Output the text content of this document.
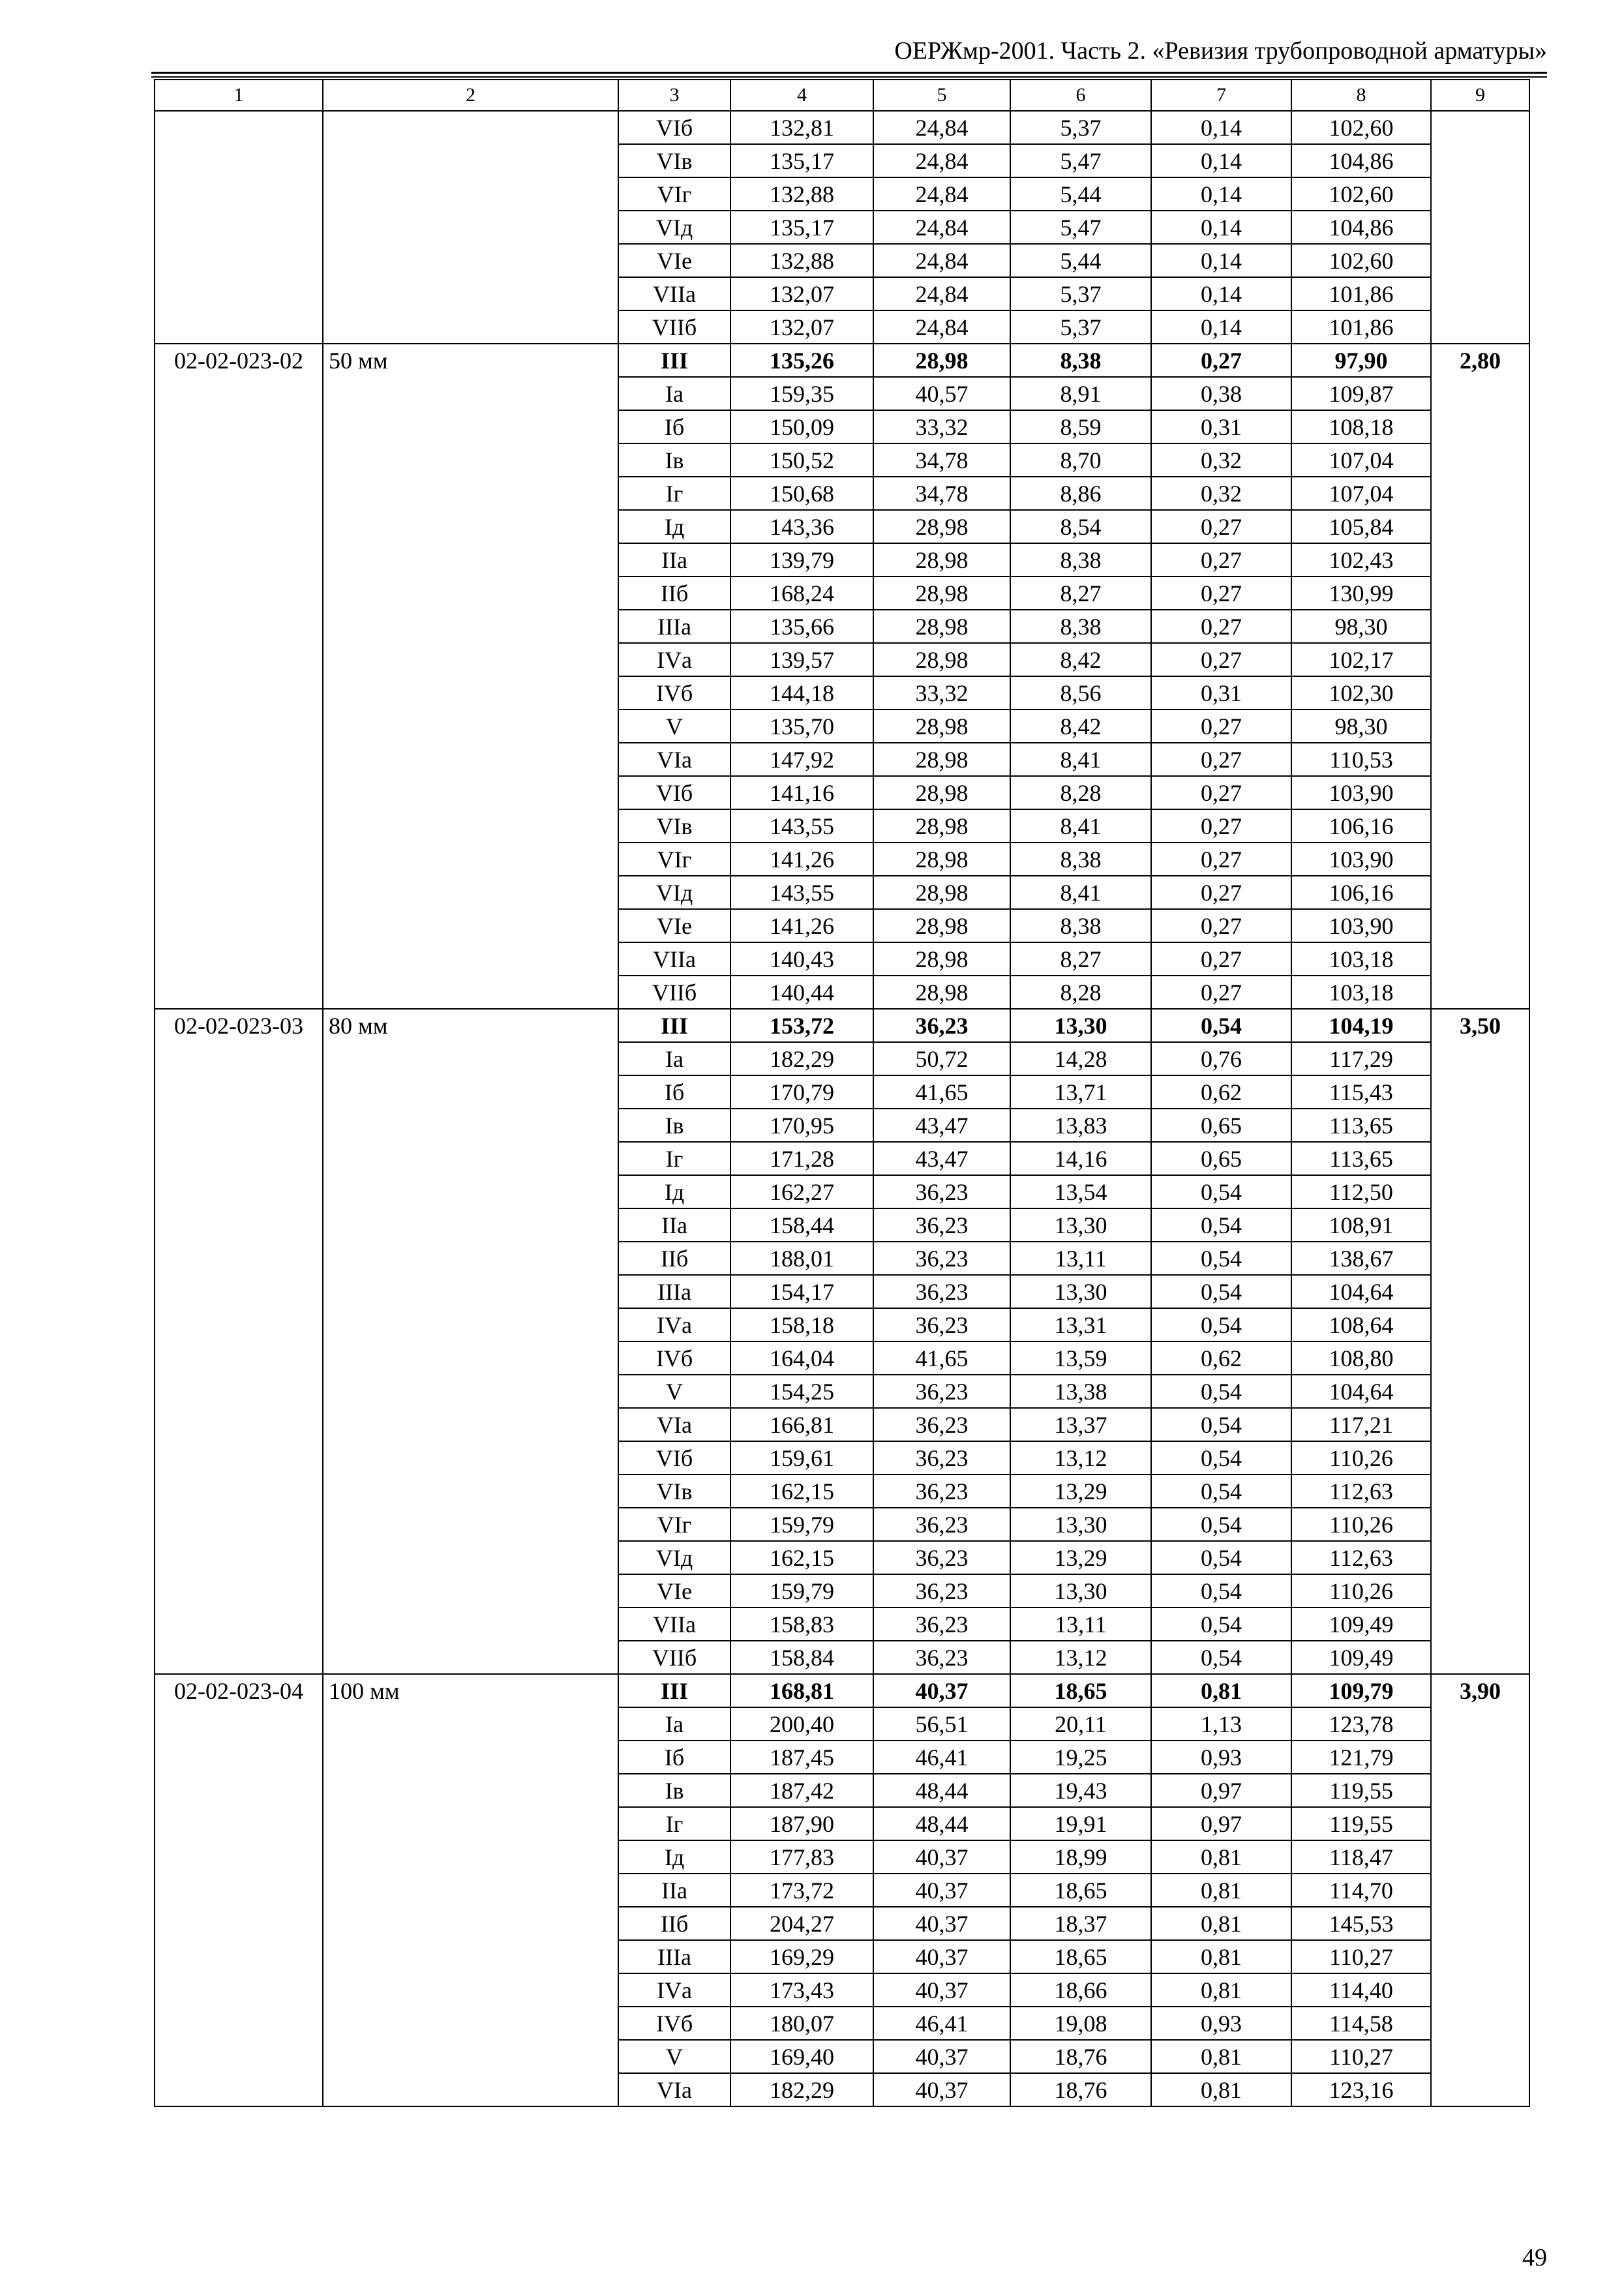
ОЕРЖмр-2001. Часть 2. «Ревизия трубопроводной арматуры»
1	2	3	4	5	6	7	8	9
		VIб	132,81	24,84	5,37	0,14	102,60	
		VIв	135,17	24,84	5,47	0,14	104,86	
		VIг	132,88	24,84	5,44	0,14	102,60	
		VIд	135,17	24,84	5,47	0,14	104,86	
		VIе	132,88	24,84	5,44	0,14	102,60	
		VIIа	132,07	24,84	5,37	0,14	101,86	
		VIIб	132,07	24,84	5,37	0,14	101,86	
02-02-023-02	50 мм	III	135,26	28,98	8,38	0,27	97,90	2,80
		Iа	159,35	40,57	8,91	0,38	109,87	
		Iб	150,09	33,32	8,59	0,31	108,18	
		Iв	150,52	34,78	8,70	0,32	107,04	
		Iг	150,68	34,78	8,86	0,32	107,04	
		Iд	143,36	28,98	8,54	0,27	105,84	
		IIа	139,79	28,98	8,38	0,27	102,43	
		IIб	168,24	28,98	8,27	0,27	130,99	
		IIIа	135,66	28,98	8,38	0,27	98,30	
		IVа	139,57	28,98	8,42	0,27	102,17	
		IVб	144,18	33,32	8,56	0,31	102,30	
		V	135,70	28,98	8,42	0,27	98,30	
		VIа	147,92	28,98	8,41	0,27	110,53	
		VIб	141,16	28,98	8,28	0,27	103,90	
		VIв	143,55	28,98	8,41	0,27	106,16	
		VIг	141,26	28,98	8,38	0,27	103,90	
		VIд	143,55	28,98	8,41	0,27	106,16	
		VIе	141,26	28,98	8,38	0,27	103,90	
		VIIа	140,43	28,98	8,27	0,27	103,18	
		VIIб	140,44	28,98	8,28	0,27	103,18	
02-02-023-03	80 мм	III	153,72	36,23	13,30	0,54	104,19	3,50
		Iа	182,29	50,72	14,28	0,76	117,29	
		Iб	170,79	41,65	13,71	0,62	115,43	
		Iв	170,95	43,47	13,83	0,65	113,65	
		Iг	171,28	43,47	14,16	0,65	113,65	
		Iд	162,27	36,23	13,54	0,54	112,50	
		IIа	158,44	36,23	13,30	0,54	108,91	
		IIб	188,01	36,23	13,11	0,54	138,67	
		IIIа	154,17	36,23	13,30	0,54	104,64	
		IVа	158,18	36,23	13,31	0,54	108,64	
		IVб	164,04	41,65	13,59	0,62	108,80	
		V	154,25	36,23	13,38	0,54	104,64	
		VIа	166,81	36,23	13,37	0,54	117,21	
		VIб	159,61	36,23	13,12	0,54	110,26	
		VIв	162,15	36,23	13,29	0,54	112,63	
		VIг	159,79	36,23	13,30	0,54	110,26	
		VIд	162,15	36,23	13,29	0,54	112,63	
		VIе	159,79	36,23	13,30	0,54	110,26	
		VIIа	158,83	36,23	13,11	0,54	109,49	
		VIIб	158,84	36,23	13,12	0,54	109,49	
02-02-023-04	100 мм	III	168,81	40,37	18,65	0,81	109,79	3,90
		Iа	200,40	56,51	20,11	1,13	123,78	
		Iб	187,45	46,41	19,25	0,93	121,79	
		Iв	187,42	48,44	19,43	0,97	119,55	
		Iг	187,90	48,44	19,91	0,97	119,55	
		Iд	177,83	40,37	18,99	0,81	118,47	
		IIа	173,72	40,37	18,65	0,81	114,70	
		IIб	204,27	40,37	18,37	0,81	145,53	
		IIIа	169,29	40,37	18,65	0,81	110,27	
		IVа	173,43	40,37	18,66	0,81	114,40	
		IVб	180,07	46,41	19,08	0,93	114,58	
		V	169,40	40,37	18,76	0,81	110,27	
		VIа	182,29	40,37	18,76	0,81	123,16	
49
